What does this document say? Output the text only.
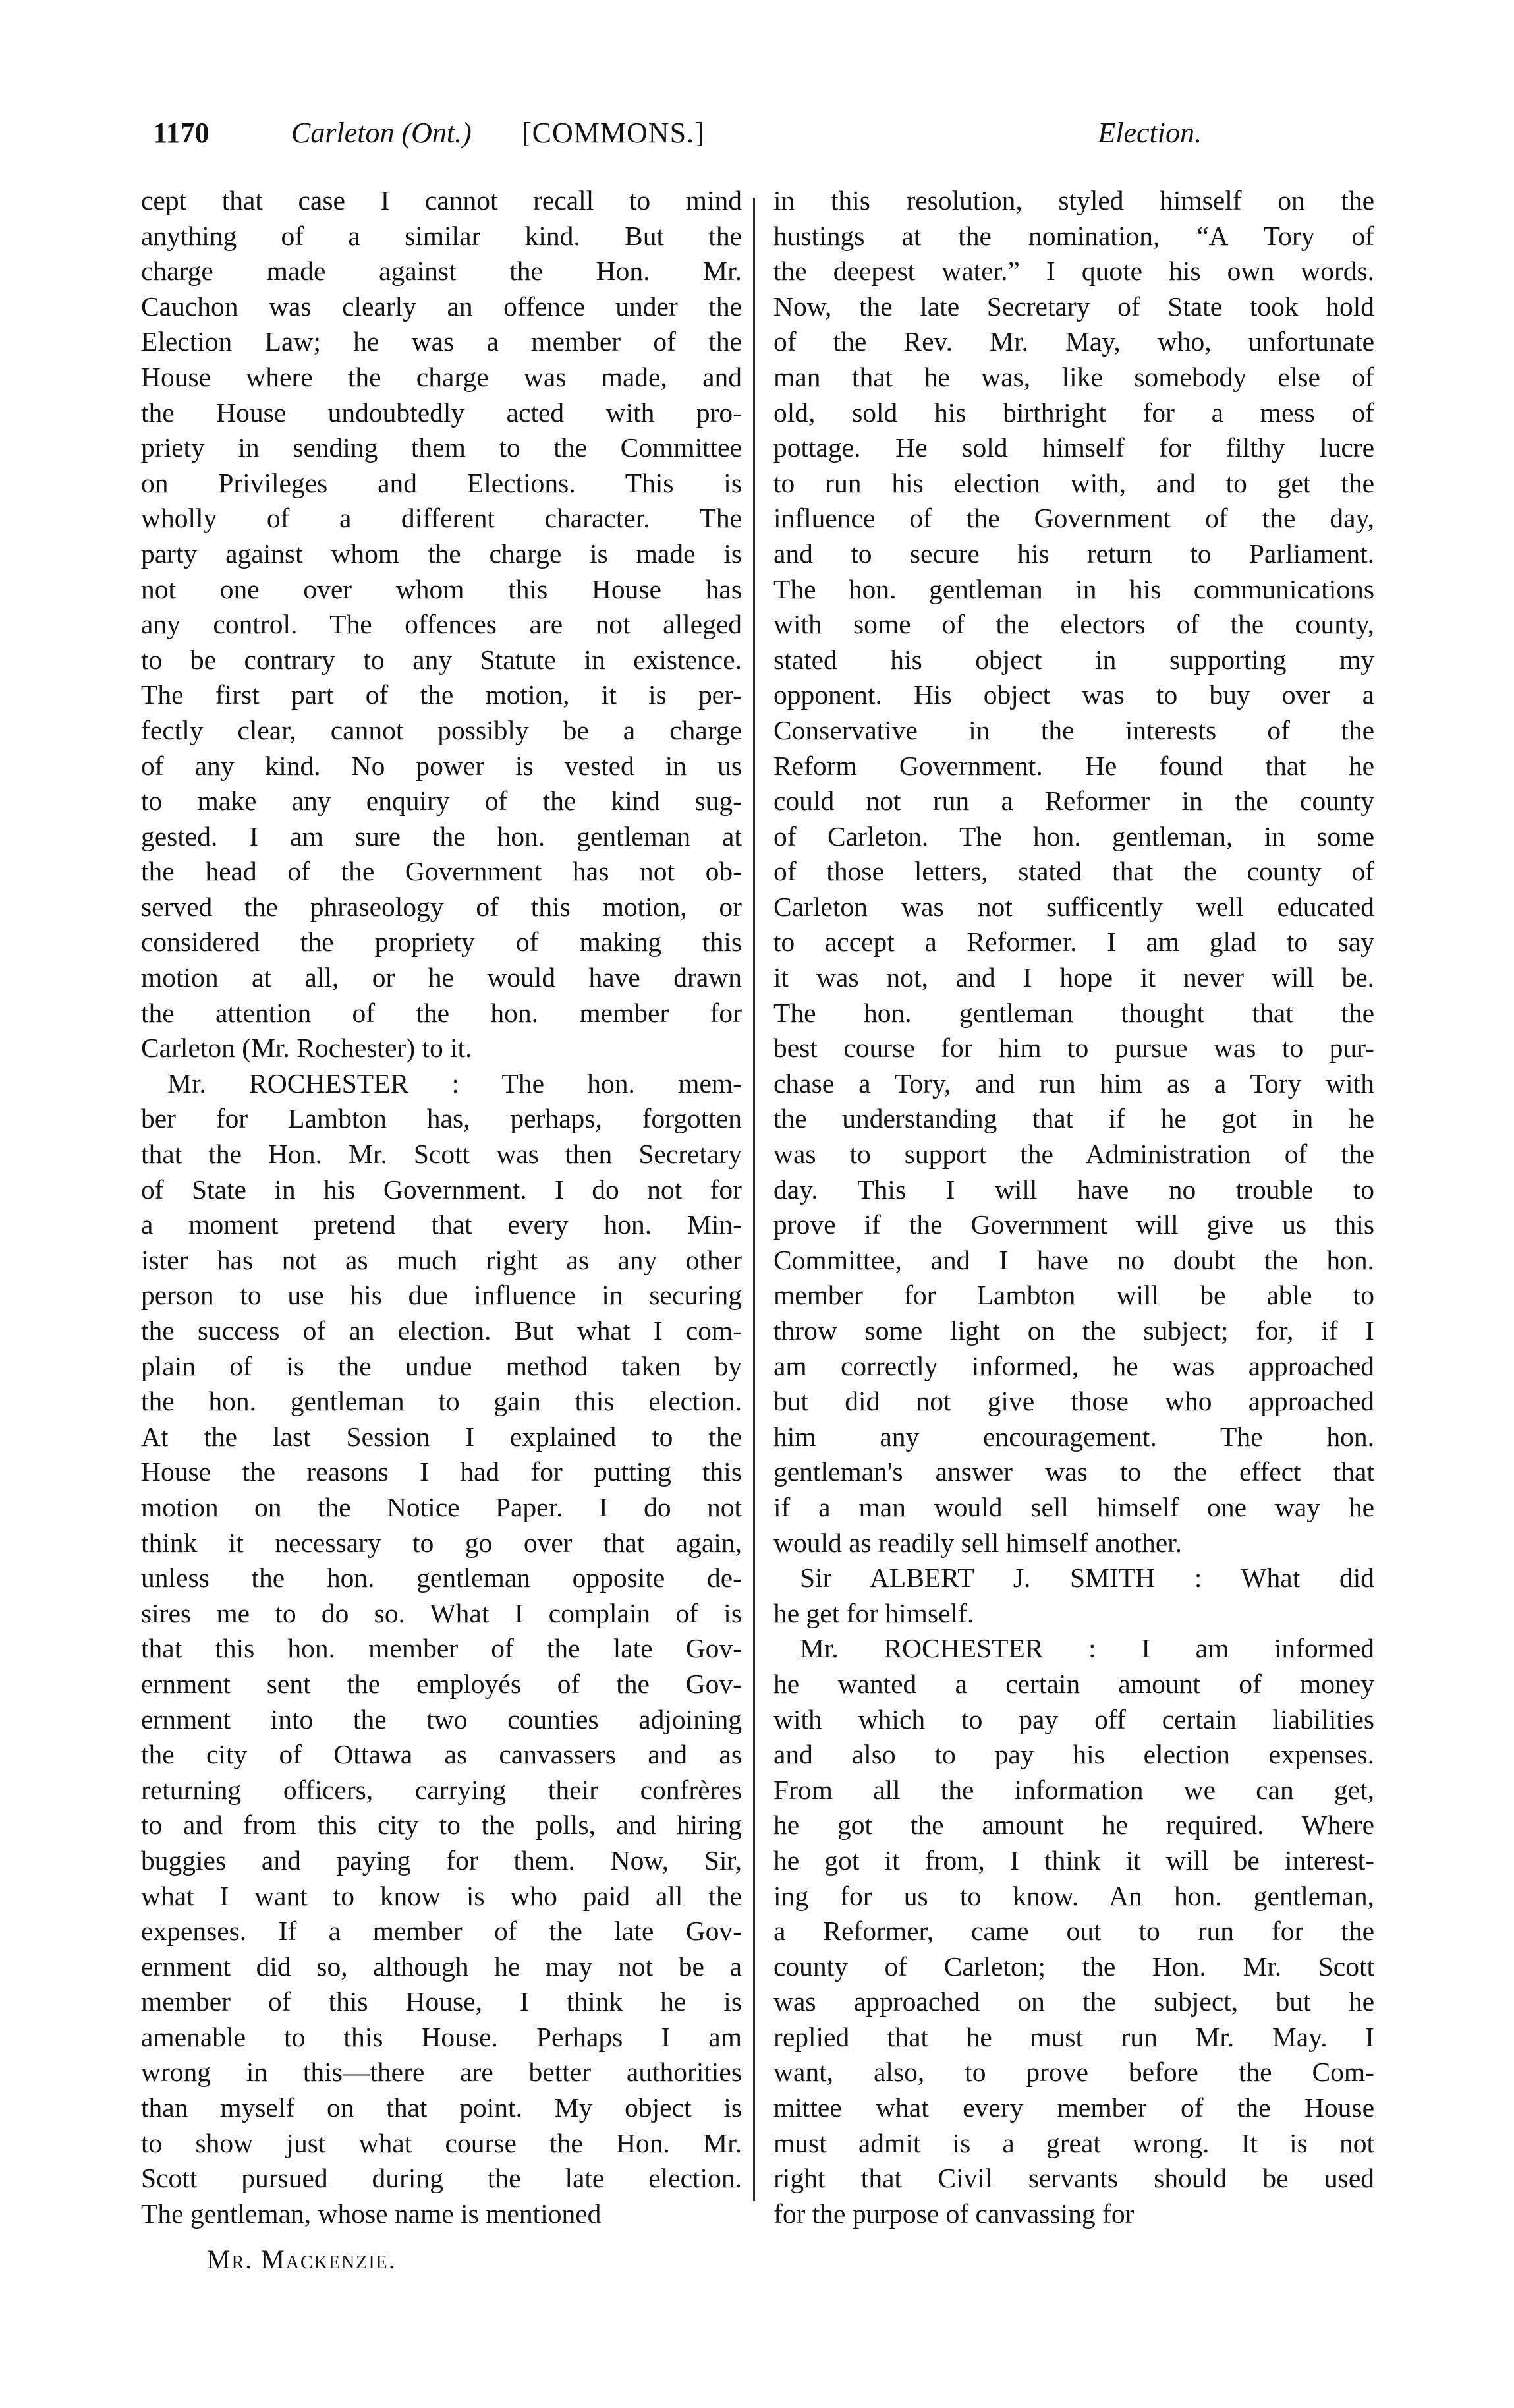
1170	Carleton (Ont.) [COMMONS.]	Election.
cept that case I cannot recall to mind
anything of a similar kind. But the
charge made against the Hon. Mr.
Cauchon was clearly an offence under the
Election Law; he was a member of the
House where the charge was made, and
the House undoubtedly acted with pro-
priety in sending them to the Committee
on Privileges and Elections. This is
wholly of a different character. The
party against whom the charge is made is
not one over whom this House has
any control. The offences are not alleged
to be contrary to any Statute in existence.
The first part of the motion, it is per-
fectly clear, cannot possibly be a charge
of any kind. No power is vested in us
to make any enquiry of the kind sug-
gested. I am sure the hon. gentleman at
the head of the Government has not ob-
served the phraseology of this motion, or
considered the propriety of making this
motion at all, or he would have drawn
the attention of the hon. member for
Carleton (Mr. Rochester) to it.
Mr. ROCHESTER : The hon. mem-
ber for Lambton has, perhaps, forgotten
that the Hon. Mr. Scott was then Secretary
of State in his Government. I do not for
a moment pretend that every hon. Min-
ister has not as much right as any other
person to use his due influence in securing
the success of an election. But what I com-
plain of is the undue method taken by
the hon. gentleman to gain this election.
At the last Session I explained to the
House the reasons I had for putting this
motion on the Notice Paper. I do not
think it necessary to go over that again,
unless the hon. gentleman opposite de-
sires me to do so. What I complain of is
that this hon. member of the late Gov-
ernment sent the employés of the Gov-
ernment into the two counties adjoining
the city of Ottawa as canvassers and as
returning officers, carrying their confrères
to and from this city to the polls, and hiring
buggies and paying for them. Now, Sir,
what I want to know is who paid all the
expenses. If a member of the late Gov-
ernment did so, although he may not be a
member of this House, I think he is
amenable to this House. Perhaps I am
wrong in this—there are better authorities
than myself on that point. My object is
to show just what course the Hon. Mr.
Scott pursued during the late election.
The gentleman, whose name is mentioned
in this resolution, styled himself on the
hustings at the nomination, “A Tory of
the deepest water.” I quote his own words.
Now, the late Secretary of State took hold
of the Rev. Mr. May, who, unfortunate
man that he was, like somebody else of
old, sold his birthright for a mess of
pottage. He sold himself for filthy lucre
to run his election with, and to get the
influence of the Government of the day,
and to secure his return to Parliament.
The hon. gentleman in his communications
with some of the electors of the county,
stated his object in supporting my
opponent. His object was to buy over a
Conservative in the interests of the
Reform Government. He found that he
could not run a Reformer in the county
of Carleton. The hon. gentleman, in some
of those letters, stated that the county of
Carleton was not sufficently well educated
to accept a Reformer. I am glad to say
it was not, and I hope it never will be.
The hon. gentleman thought that the
best course for him to pursue was to pur-
chase a Tory, and run him as a Tory with
the understanding that if he got in he
was to support the Administration of the
day. This I will have no trouble to
prove if the Government will give us this
Committee, and I have no doubt the hon.
member for Lambton will be able to
throw some light on the subject; for, if I
am correctly informed, he was approached
but did not give those who approached
him any encouragement. The hon.
gentleman's answer was to the effect that
if a man would sell himself one way he
would as readily sell himself another.
Sir ALBERT J. SMITH : What did
he get for himself.
Mr. ROCHESTER : I am informed
he wanted a certain amount of money
with which to pay off certain liabilities
and also to pay his election expenses.
From all the information we can get,
he got the amount he required. Where
he got it from, I think it will be interest-
ing for us to know. An hon. gentleman,
a Reformer, came out to run for the
county of Carleton; the Hon. Mr. Scott
was approached on the subject, but he
replied that he must run Mr. May. I
want, also, to prove before the Com-
mittee what every member of the House
must admit is a great wrong. It is not
right that Civil servants should be used
for the purpose of canvassing for
Mr. Mackenzie.
